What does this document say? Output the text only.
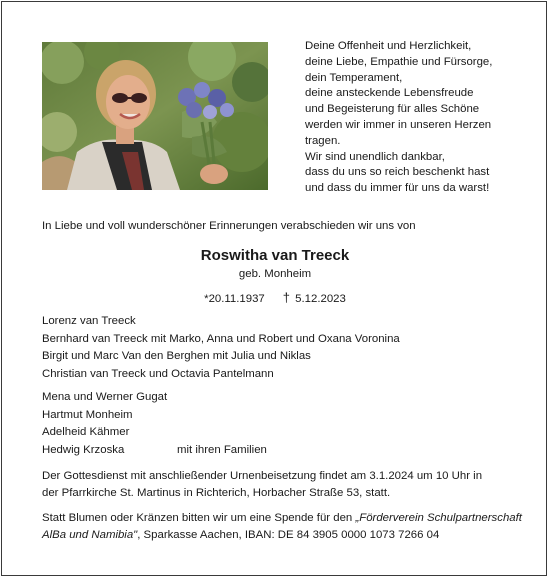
Deine Offenheit und Herzlichkeit,
deine Liebe, Empathie und Fürsorge,
dein Temperament,
deine ansteckende Lebensfreude
und Begeisterung für alles Schöne
werden wir immer in unseren Herzen
tragen.
Wir sind unendlich dankbar,
dass du uns so reich beschenkt hast
und dass du immer für uns da warst!
In Liebe und voll wunderschöner Erinnerungen verabschieden wir uns von
Roswitha van Treeck
geb. Monheim
*20.11.1937 † 5.12.2023
Lorenz van Treeck
Bernhard van Treeck mit Marko, Anna und Robert und Oxana Voronina
Birgit und Marc Van den Berghen mit Julia und Niklas
Christian van Treeck und Octavia Pantelmann
Mena und Werner Gugat
Hartmut Monheim
Adelheid Kähmer
Hedwig Krzoska	mit ihren Familien
Der Gottesdienst mit anschließender Urnenbeisetzung findet am 3.1.2024 um 10 Uhr in
der Pfarrkirche St. Martinus in Richterich, Horbacher Straße 53, statt.
Statt Blumen oder Kränzen bitten wir um eine Spende für den „Förderverein Schulpartnerschaft
AlBa und Namibia", Sparkasse Aachen, IBAN: DE 84 3905 0000 1073 7266 04
